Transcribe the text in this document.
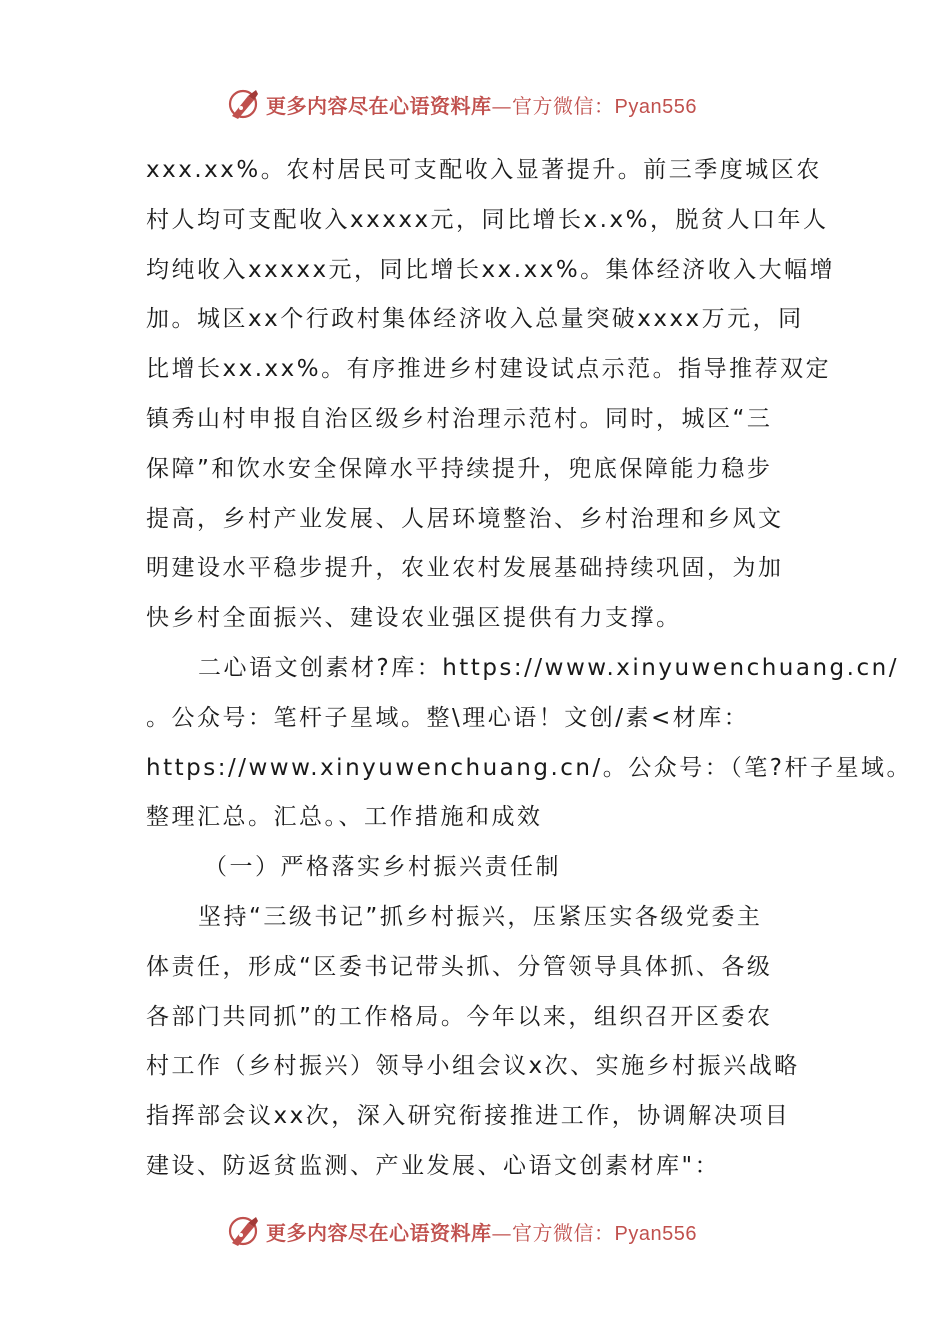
更多内容尽在心语资料库—官方微信：Pyan556
xxx.xx%。农村居民可支配收入显著提升。前三季度城区农
村人均可支配收入xxxxx元，同比增长x.x%，脱贫人口年人
均纯收入xxxxx元，同比增长xx.xx%。集体经济收入大幅增
加。城区xx个行政村集体经济收入总量突破xxxx万元，同
比增长xx.xx%。有序推进乡村建设试点示范。指导推荐双定
镇秀山村申报自治区级乡村治理示范村。同时，城区“三
保障”和饮水安全保障水平持续提升，兜底保障能力稳步
提高，乡村产业发展、人居环境整治、乡村治理和乡风文
明建设水平稳步提升，农业农村发展基础持续巩固，为加
快乡村全面振兴、建设农业强区提供有力支撑。
二心语文创素材?库：https://www.xinyuwenchuang.cn/
。公众号：笔杆子星域。整\理心语！文创/素<材库：
https://www.xinyuwenchuang.cn/。公众号：（笔?杆子星域。
整理汇总。汇总。、工作措施和成效
（一）严格落实乡村振兴责任制
坚持“三级书记”抓乡村振兴，压紧压实各级党委主
体责任，形成“区委书记带头抓、分管领导具体抓、各级
各部门共同抓”的工作格局。今年以来，组织召开区委农
村工作（乡村振兴）领导小组会议x次、实施乡村振兴战略
指挥部会议xx次，深入研究衔接推进工作，协调解决项目
建设、防返贫监测、产业发展、心语文创素材库"：
更多内容尽在心语资料库—官方微信：Pyan556
